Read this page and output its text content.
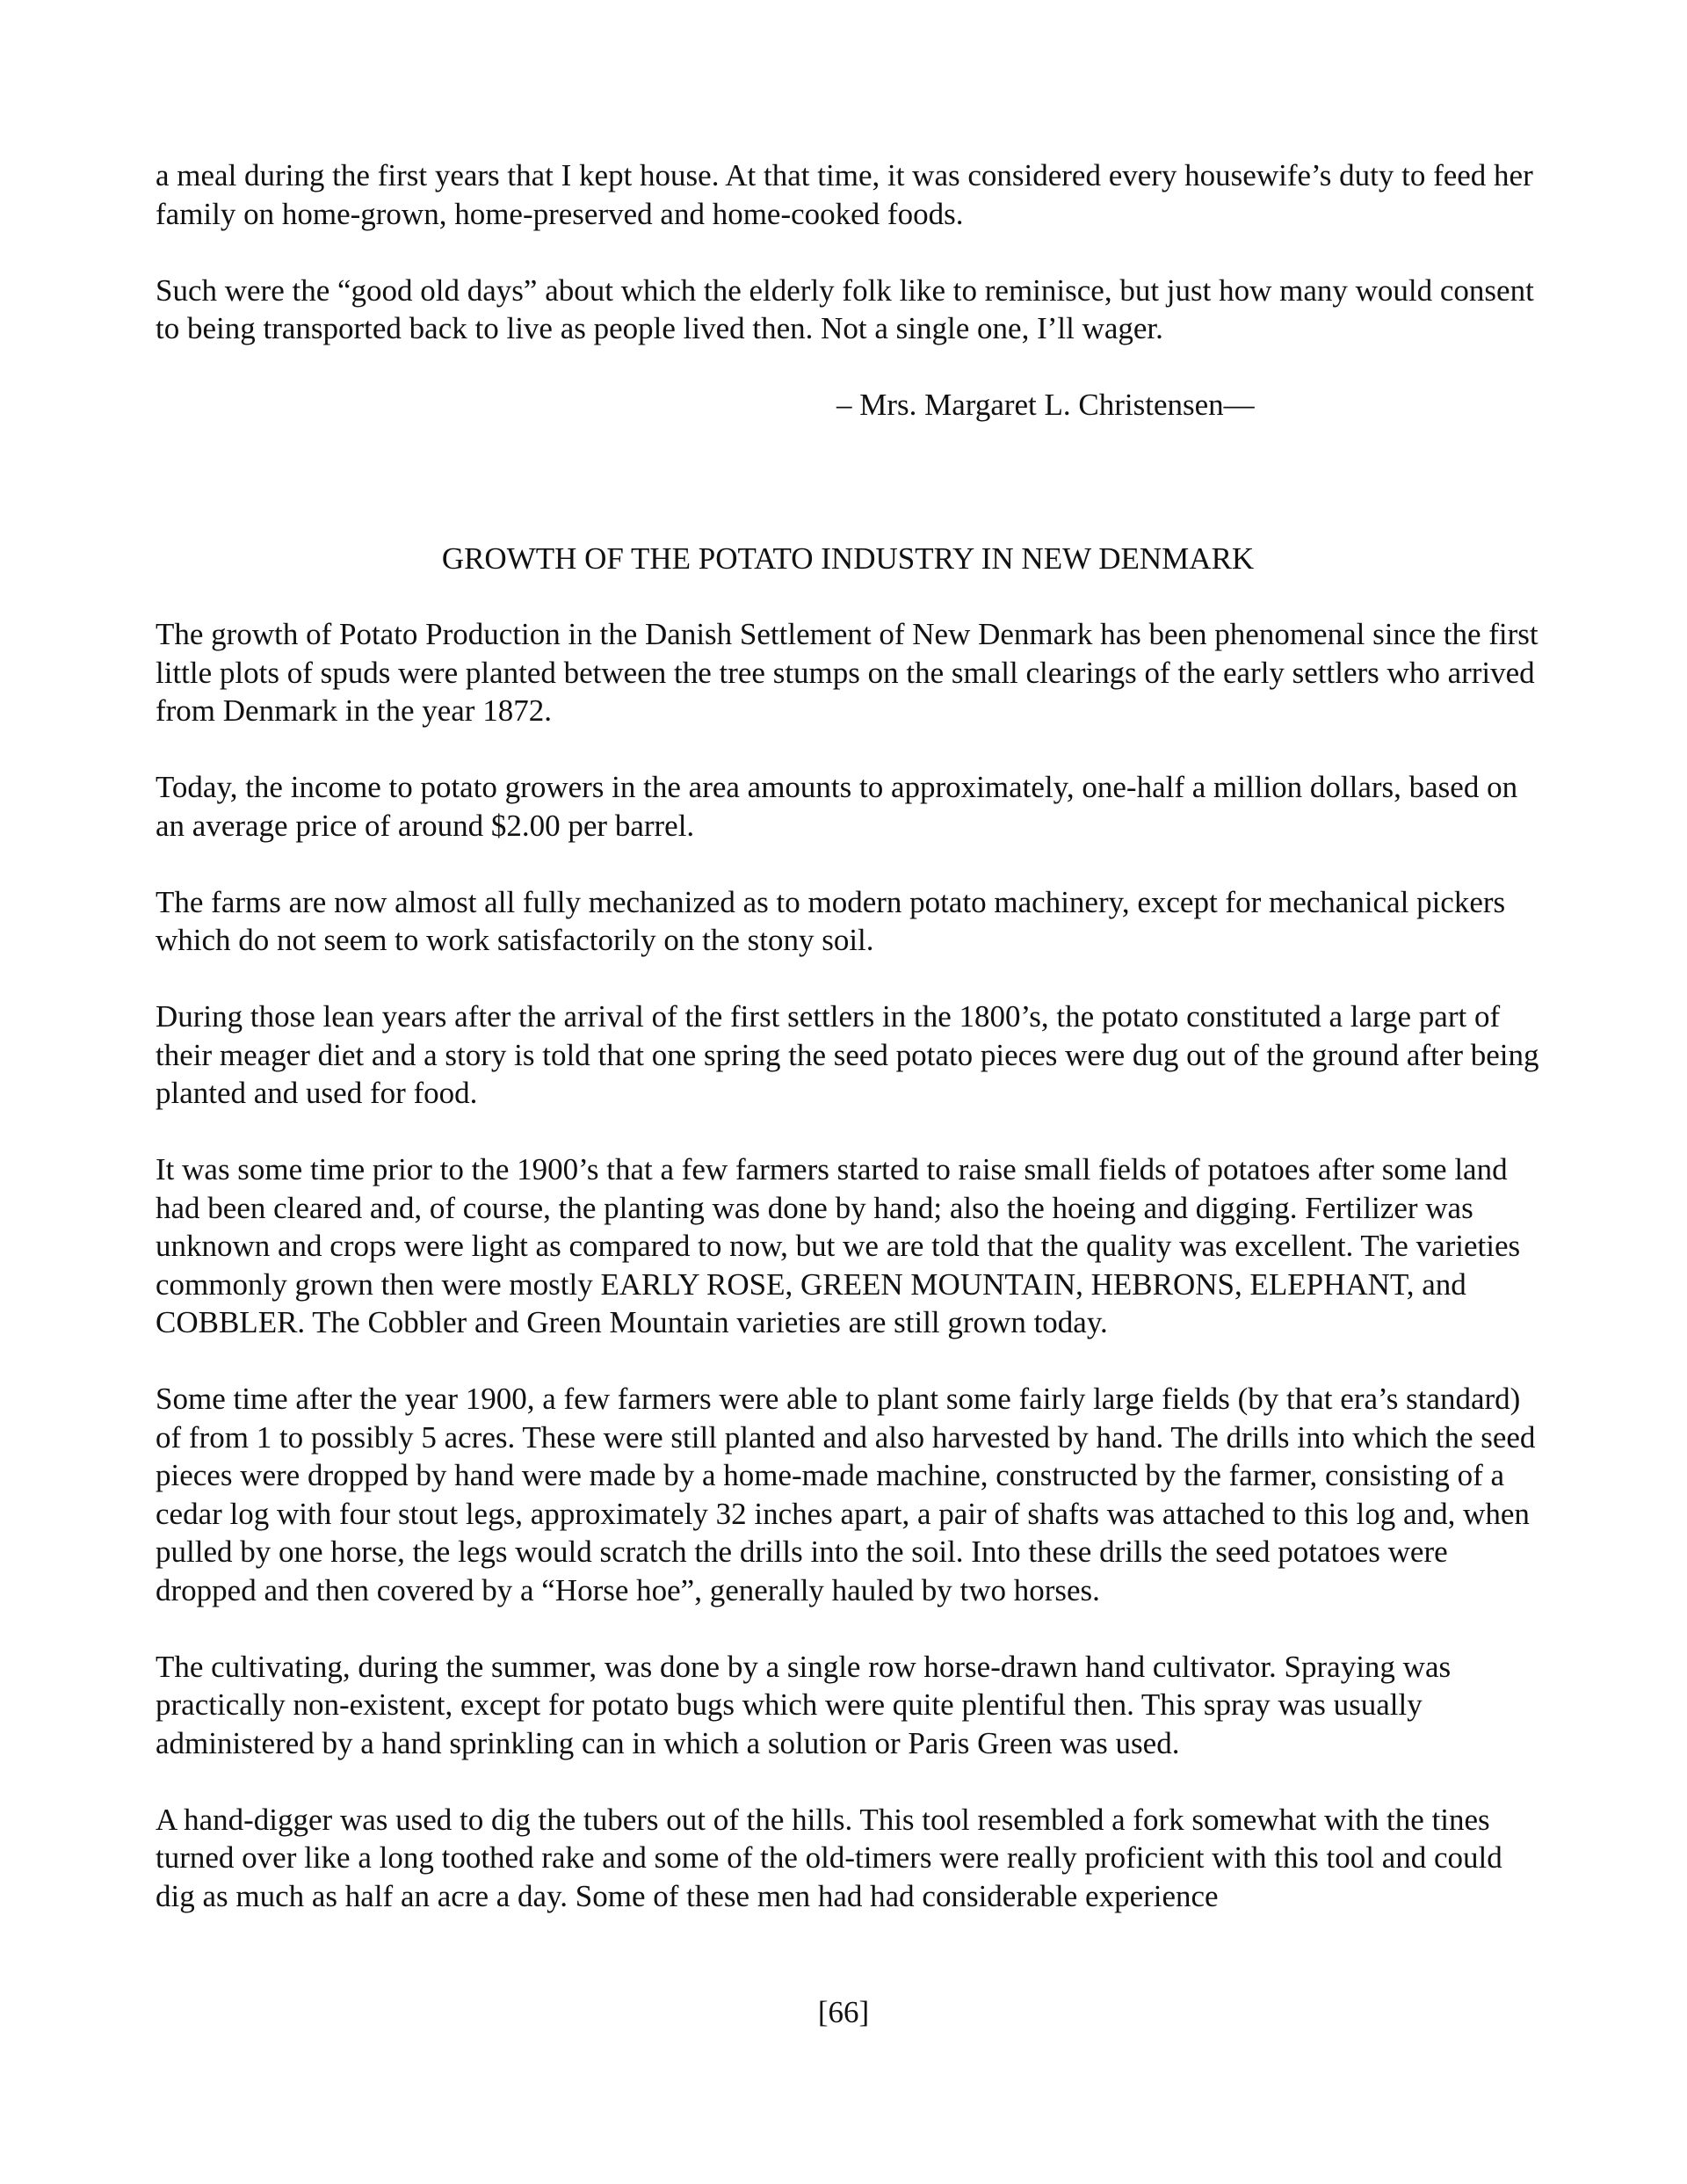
a meal during the first years that I kept house. At that time, it was considered every housewife’s duty to feed her family on home-grown, home-preserved and home-cooked foods.

Such were the “good old days” about which the elderly folk like to reminisce, but just how many would consent to being transported back to live as people lived then. Not a single one, I’ll wager.

– Mrs. Margaret L. Christensen—
GROWTH OF THE POTATO INDUSTRY IN NEW DENMARK

The growth of Potato Production in the Danish Settlement of New Denmark has been phenomenal since the first little plots of spuds were planted between the tree stumps on the small clearings of the early settlers who arrived from Denmark in the year 1872.

Today, the income to potato growers in the area amounts to approximately, one-half a million dollars, based on an average price of around $2.00 per barrel.

The farms are now almost all fully mechanized as to modern potato machinery, except for mechanical pickers which do not seem to work satisfactorily on the stony soil.

During those lean years after the arrival of the first settlers in the 1800’s, the potato constituted a large part of their meager diet and a story is told that one spring the seed potato pieces were dug out of the ground after being planted and used for food.

It was some time prior to the 1900’s that a few farmers started to raise small fields of potatoes after some land had been cleared and, of course, the planting was done by hand; also the hoeing and digging. Fertilizer was unknown and crops were light as compared to now, but we are told that the quality was excellent. The varieties commonly grown then were mostly EARLY ROSE, GREEN MOUNTAIN, HEBRONS, ELEPHANT, and COBBLER. The Cobbler and Green Mountain varieties are still grown today.

Some time after the year 1900, a few farmers were able to plant some fairly large fields (by that era’s standard) of from 1 to possibly 5 acres. These were still planted and also harvested by hand. The drills into which the seed pieces were dropped by hand were made by a home-made machine, constructed by the farmer, consisting of a cedar log with four stout legs, approximately 32 inches apart, a pair of shafts was attached to this log and, when pulled by one horse, the legs would scratch the drills into the soil. Into these drills the seed potatoes were dropped and then covered by a “Horse hoe”, generally hauled by two horses.

The cultivating, during the summer, was done by a single row horse-drawn hand cultivator. Spraying was practically non-existent, except for potato bugs which were quite plentiful then. This spray was usually administered by a hand sprinkling can in which a solution or Paris Green was used.

A hand-digger was used to dig the tubers out of the hills. This tool resembled a fork somewhat with the tines turned over like a long toothed rake and some of the old-timers were really proficient with this tool and could dig as much as half an acre a day. Some of these men had had considerable experience

[66]
